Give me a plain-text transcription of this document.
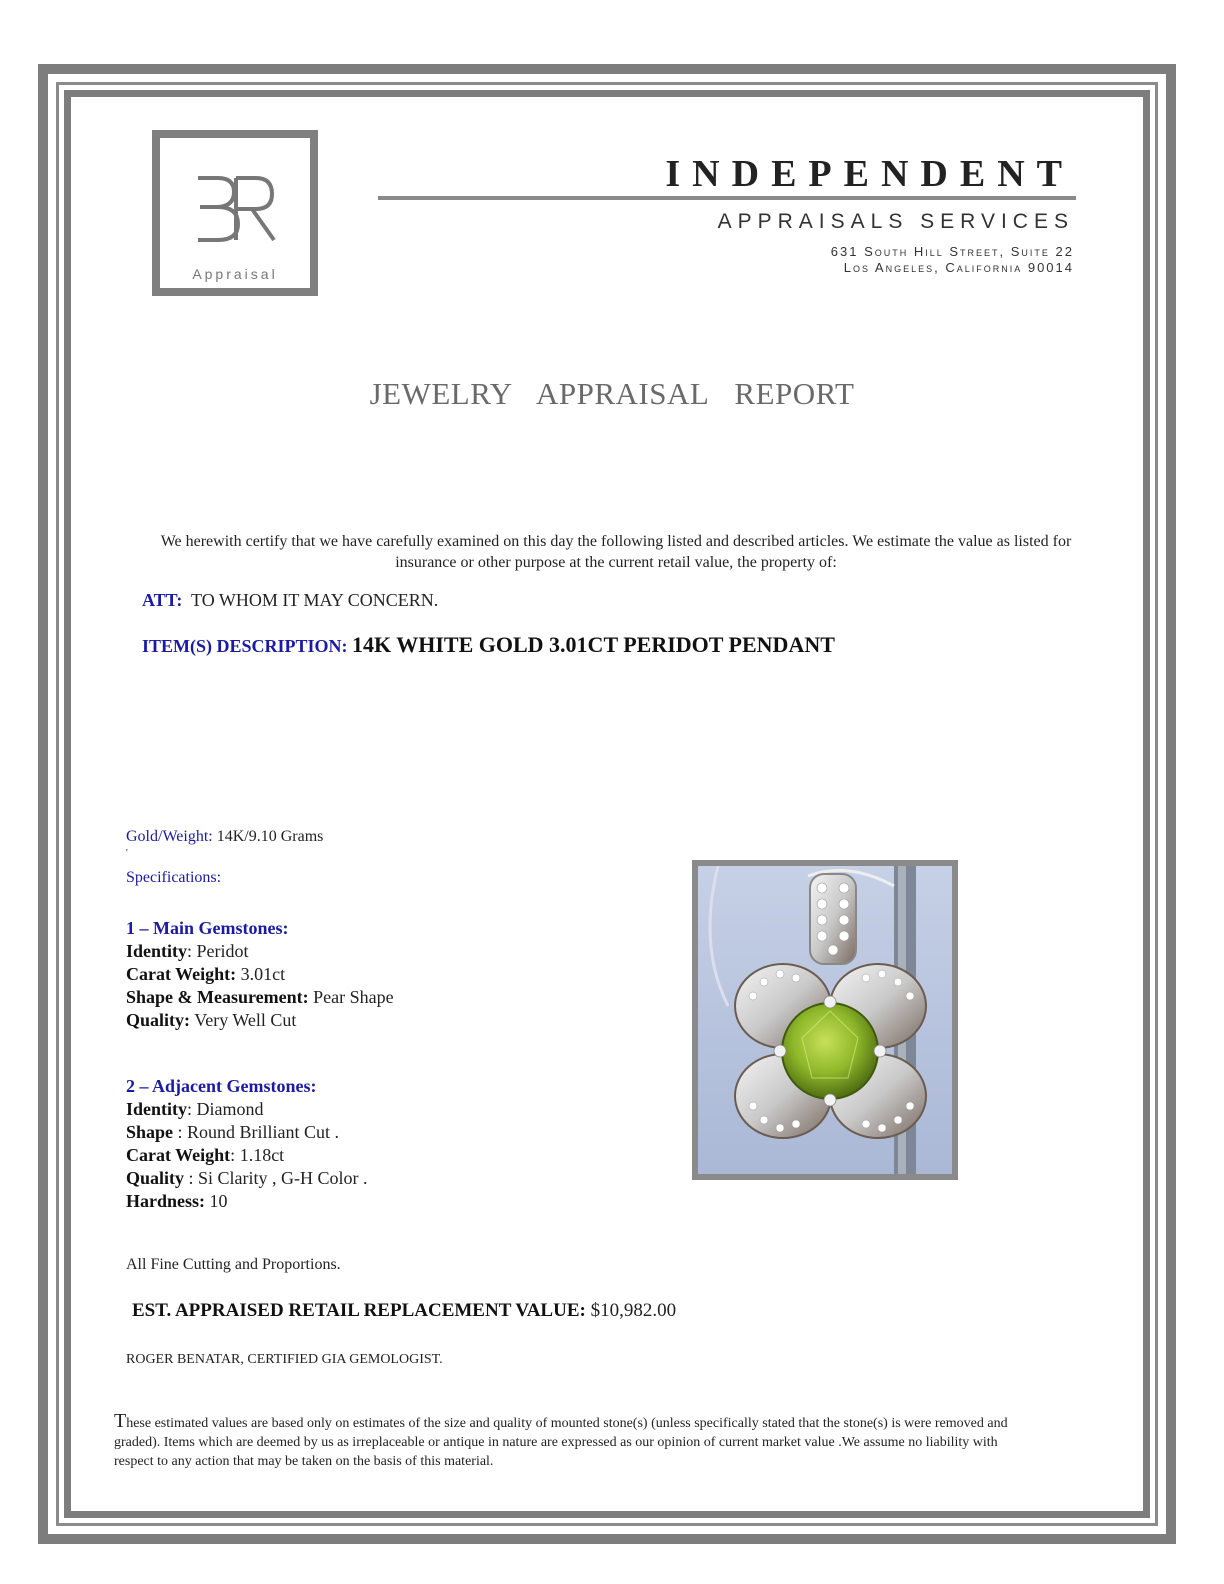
Appraisal
INDEPENDENT
APPRAISALS SERVICES
631 South Hill Street, Suite 22
Los Angeles, California 90014
JEWELRY APPRAISAL REPORT
We herewith certify that we have carefully examined on this day the following listed and described articles. We estimate the value as listed for insurance or other purpose at the current retail value, the property of:
ATT: TO WHOM IT MAY CONCERN.
ITEM(S) DESCRIPTION: 14K WHITE GOLD 3.01CT PERIDOT PENDANT
Gold/Weight: 14K/9.10 Grams
'
Specifications:
1 – Main Gemstones:
Identity: Peridot
Carat Weight: 3.01ct
Shape & Measurement: Pear Shape
Quality: Very Well Cut
2 – Adjacent Gemstones:
Identity: Diamond
Shape : Round Brilliant Cut .
Carat Weight: 1.18ct
Quality : Si Clarity , G-H Color .
Hardness: 10
All Fine Cutting and Proportions.
EST. APPRAISED RETAIL REPLACEMENT VALUE: $10,982.00
ROGER BENATAR, CERTIFIED GIA GEMOLOGIST.
These estimated values are based only on estimates of the size and quality of mounted stone(s) (unless specifically stated that the stone(s) is were removed and graded). Items which are deemed by us as irreplaceable or antique in nature are expressed as our opinion of current market value .We assume no liability with respect to any action that may be taken on the basis of this material.
